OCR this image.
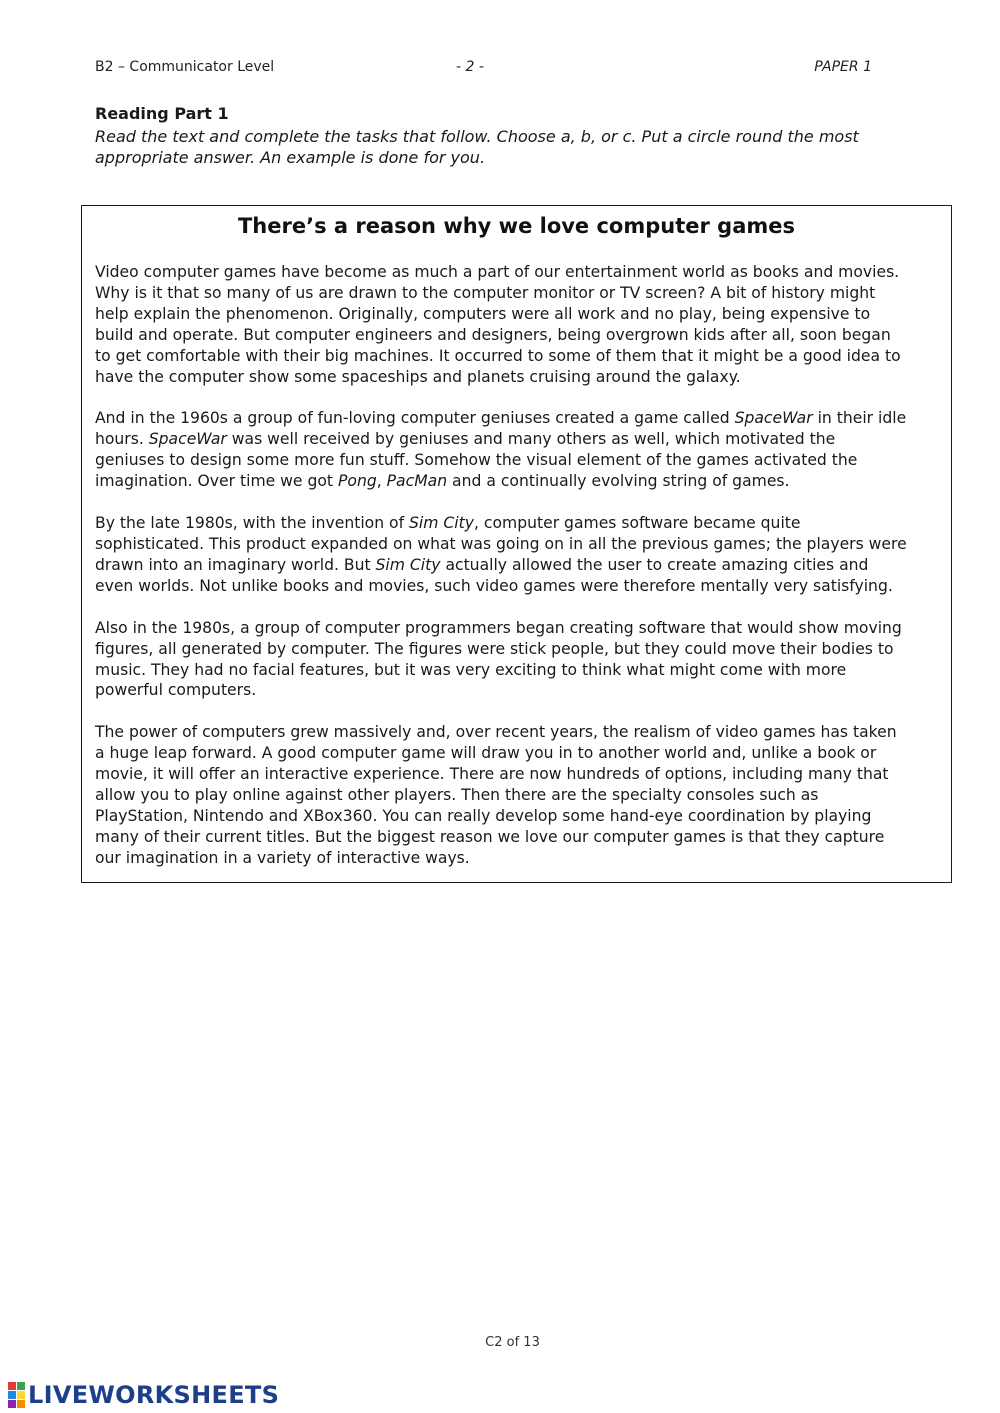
B2 – Communicator Level	- 2 -	PAPER 1
Reading Part 1
Read the text and complete the tasks that follow. Choose a, b, or c. Put a circle round the most appropriate answer. An example is done for you.
There’s a reason why we love computer games

Video computer games have become as much a part of our entertainment world as books and movies. Why is it that so many of us are drawn to the computer monitor or TV screen? A bit of history might help explain the phenomenon. Originally, computers were all work and no play, being expensive to build and operate. But computer engineers and designers, being overgrown kids after all, soon began to get comfortable with their big machines. It occurred to some of them that it might be a good idea to have the computer show some spaceships and planets cruising around the galaxy.

And in the 1960s a group of fun-loving computer geniuses created a game called SpaceWar in their idle hours. SpaceWar was well received by geniuses and many others as well, which motivated the geniuses to design some more fun stuff. Somehow the visual element of the games activated the imagination. Over time we got Pong, PacMan and a continually evolving string of games.

By the late 1980s, with the invention of Sim City, computer games software became quite sophisticated. This product expanded on what was going on in all the previous games; the players were drawn into an imaginary world. But Sim City actually allowed the user to create amazing cities and even worlds. Not unlike books and movies, such video games were therefore mentally very satisfying.

Also in the 1980s, a group of computer programmers began creating software that would show moving figures, all generated by computer. The figures were stick people, but they could move their bodies to music. They had no facial features, but it was very exciting to think what might come with more powerful computers.

The power of computers grew massively and, over recent years, the realism of video games has taken a huge leap forward. A good computer game will draw you in to another world and, unlike a book or movie, it will offer an interactive experience. There are now hundreds of options, including many that allow you to play online against other players. Then there are the specialty consoles such as PlayStation, Nintendo and XBox360. You can really develop some hand-eye coordination by playing many of their current titles. But the biggest reason we love our computer games is that they capture our imagination in a variety of interactive ways.

C2 of 13
LIVEWORKSHEETS
